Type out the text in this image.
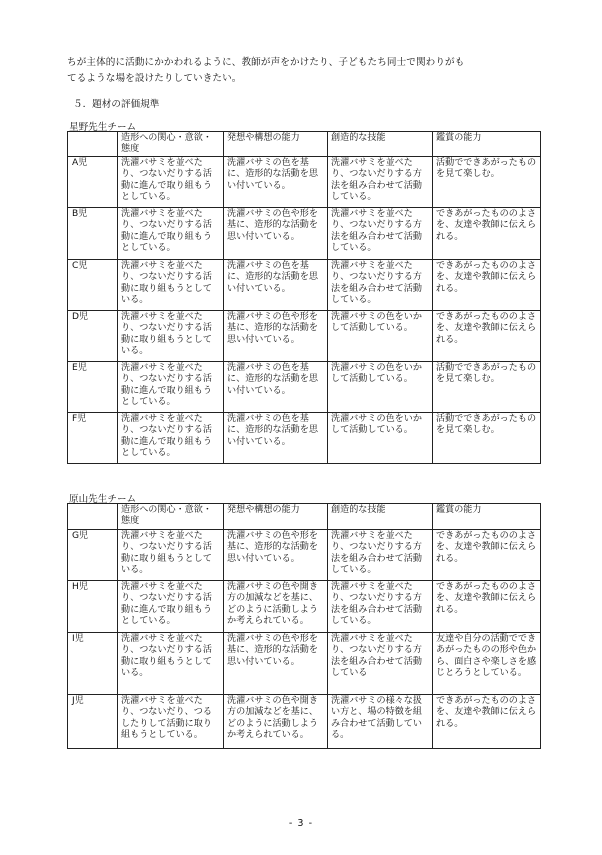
ちが主体的に活動にかかわれるように、教師が声をかけたり、子どもたち同士で関わりがも
てるような場を設けたりしていきたい。
５．題材の評価規準
星野先生チーム
	造形への関心・意欲・態度	発想や構想の能力	創造的な技能	鑑賞の能力
A児	洗濯バサミを並べたり、つないだりする活動に進んで取り組もうとしている。	洗濯バサミの色を基に、造形的な活動を思い付いている。	洗濯バサミを並べたり、つないだりする方法を組み合わせて活動している。	活動でできあがったものを見て楽しむ。
B児	洗濯バサミを並べたり、つないだりする活動に進んで取り組もうとしている。	洗濯バサミの色や形を基に、造形的な活動を思い付いている。	洗濯バサミを並べたり、つないだりする方法を組み合わせて活動している。	できあがったもののよさを、友達や教師に伝えられる。
C児	洗濯バサミを並べたり、つないだりする活動に取り組もうとしている。	洗濯バサミの色を基に、造形的な活動を思い付いている。	洗濯バサミを並べたり、つないだりする方法を組み合わせて活動している。	できあがったもののよさを、友達や教師に伝えられる。
D児	洗濯バサミを並べたり、つないだりする活動に取り組もうとしている。	洗濯バサミの色や形を基に、造形的な活動を思い付いている。	洗濯バサミの色をいかして活動している。	できあがったもののよさを、友達や教師に伝えられる。
E児	洗濯バサミを並べたり、つないだりする活動に進んで取り組もうとしている。	洗濯バサミの色を基に、造形的な活動を思い付いている。	洗濯バサミの色をいかして活動している。	活動でできあがったものを見て楽しむ。
F児	洗濯バサミを並べたり、つないだりする活動に進んで取り組もうとしている。	洗濯バサミの色を基に、造形的な活動を思い付いている。	洗濯バサミの色をいかして活動している。	活動でできあがったものを見て楽しむ。
原山先生チーム
	造形への関心・意欲・態度	発想や構想の能力	創造的な技能	鑑賞の能力
G児	洗濯バサミを並べたり、つないだりする活動に取り組もうとしている。	洗濯バサミの色や形を基に、造形的な活動を思い付いている。	洗濯バサミを並べたり、つないだりする方法を組み合わせて活動している。	できあがったもののよさを、友達や教師に伝えられる。
H児	洗濯バサミを並べたり、つないだりする活動に進んで取り組もうとしている。	洗濯バサミの色や開き方の加減などを基に、どのように活動しようか考えられている。	洗濯バサミを並べたり、つないだりする方法を組み合わせて活動している。	できあがったもののよさを、友達や教師に伝えられる。
I児	洗濯バサミを並べたり、つないだりする活動に取り組もうとしている。	洗濯バサミの色や形を基に、造形的な活動を思い付いている。	洗濯バサミを並べたり、つないだりする方法を組み合わせて活動している	友達や自分の活動でできあがったものの形や色から、面白さや楽しさを感じとろうとしている。
J児	洗濯バサミを並べたり、つないだり、つるしたりして活動に取り組もうとしている。	洗濯バサミの色や開き方の加減などを基に、どのように活動しようか考えられている。	洗濯バサミの様々な扱い方と、場の特徴を組み合わせて活動している。	できあがったもののよさを、友達や教師に伝えられる。
- 3 -
